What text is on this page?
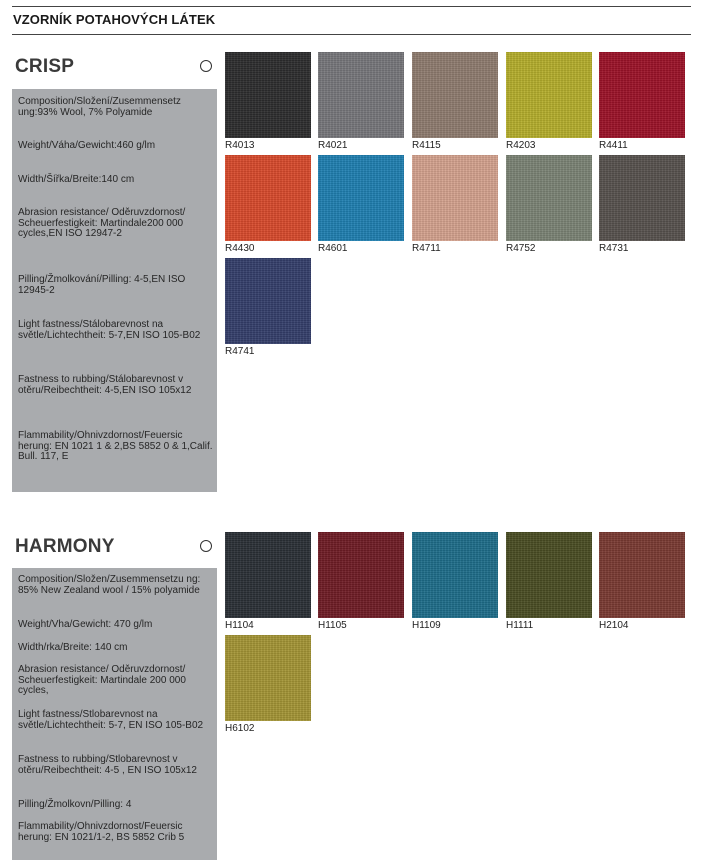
VZORNÍK POTAHOVÝCH LÁTEK
CRISP
Composition/Složení/Zusemmensetz ung:93% Wool, 7% Polyamide
Weight/Váha/Gewicht:460 g/lm
Width/Šířka/Breite:140 cm
Abrasion resistance/ Oděruvzdornost/ Scheuerfestigkeit: Martindale200 000 cycles,EN ISO 12947-2
Pilling/Žmolkování/Pilling: 4-5,EN ISO 12945-2
Light fastness/Stálobarevnost na světle/Lichtechtheit: 5-7,EN ISO 105-B02
Fastness to rubbing/Stálobarevnost v otěru/Reibechtheit: 4-5,EN ISO 105x12
Flammability/Ohnivzdornost/Feuersic herung: EN 1021 1 & 2,BS 5852 0 & 1,Calif. Bull. 117, E
R4013	R4021	R4115	R4203	R4411
R4430	R4601	R4711	R4752	R4731
R4741
HARMONY
Composition/Složen/Zusemmensetzu ng: 85% New Zealand wool / 15% polyamide
Weight/Vha/Gewicht: 470 g/lm
Width/rka/Breite: 140 cm
Abrasion resistance/ Oděruvzdornost/ Scheuerfestigkeit: Martindale 200 000 cycles,
Light fastness/Stlobarevnost na světle/Lichtechtheit: 5-7, EN ISO 105-B02
Fastness to rubbing/Stlobarevnost v otěru/Reibechtheit: 4-5 , EN ISO 105x12
Pilling/Žmolkovn/Pilling: 4
Flammability/Ohnivzdornost/Feuersic herung: EN 1021/1-2, BS 5852 Crib 5
H1104	H1105	H1109	H1111	H2104
H6102
